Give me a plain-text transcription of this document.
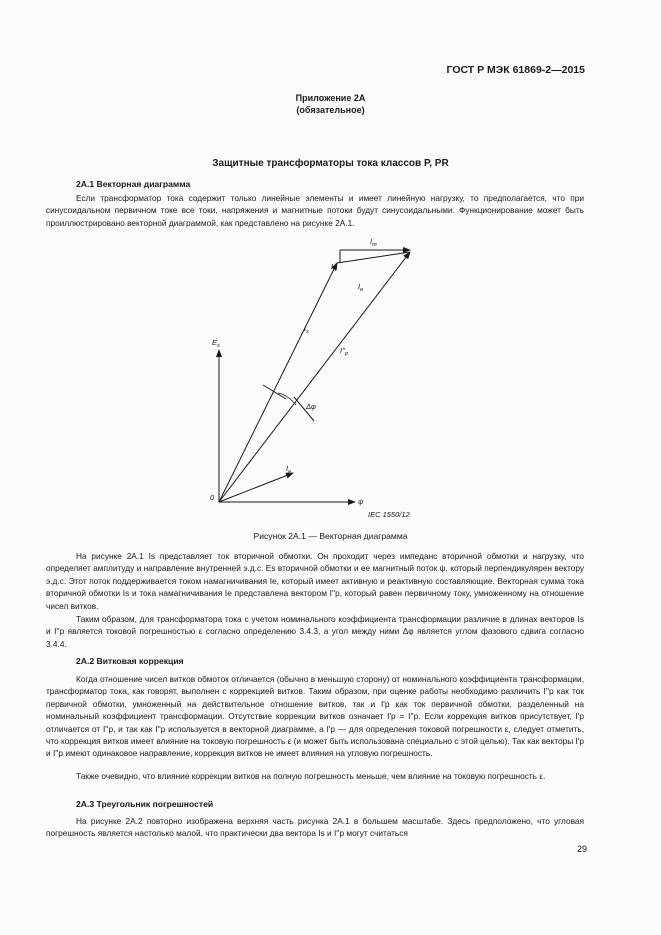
ГОСТ Р МЭК 61869-2—2015
Приложение 2А
(обязательное)
Защитные трансформаторы тока классов Р, PR
2А.1 Векторная диаграмма
Если трансформатор тока содержит только линейные элементы и имеет линейную нагрузку, то предполагается, что при синусоидальном первичном токе все токи, напряжения и магнитные потоки будут синусоидальными. Функционирование может быть проиллюстрировано векторной диаграммой, как представлено на рисунке 2А.1.
$E_s$
0	ψ
$I_e$
$I_s$
$I''_p$
$I_a$
$I_m$
$I_e$
Δφ
IEC 1550/12
Рисунок 2А.1 — Векторная диаграмма
На рисунке 2А.1 Is представляет ток вторичной обмотки. Он проходит через импеданс вторичной обмотки и нагрузку, что определяет амплитуду и направление внутренней э.д.с. Es вторичной обмотки и ее магнитный поток ψ, который перпендикулярен вектору э.д.с. Этот поток поддерживается током намагничивания Ie, который имеет активную и реактивную составляющие. Векторная сумма тока вторичной обмотки Is и тока намагничивания Ie представлена вектором I''p, который равен первичному току, умноженному на отношение чисел витков.
Таким образом, для трансформатора тока с учетом номинального коэффициента трансформации различие в длинах векторов Is и I''p является токовой погрешностью ε согласно определению 3.4.3, а угол между ними Δφ является углом фазового сдвига согласно 3.4.4.
2А.2 Витковая коррекция
Когда отношение чисел витков обмоток отличается (обычно в меньшую сторону) от номинального коэффициента трансформации, трансформатор тока, как говорят, выполнен с коррекцией витков. Таким образом, при оценке работы необходимо различить I''p как ток первичной обмотки, умноженный на действительное отношение витков, так и I'p как ток первичной обмотки, разделенный на номинальный коэффициент трансформации. Отсутствие коррекции витков означает I'p = I''p. Если коррекция витков присутствует, I'p отличается от I''p, и так как I''p используется в векторной диаграмме, а I'p — для определения токовой погрешности ε, следует отметить, что коррекция витков имеет влияние на токовую погрешность ε (и может быть использована специально с этой целью). Так как векторы I'p и I''p имеют одинаковое направление, коррекция витков не имеет влияния на угловую погрешность.
Также очевидно, что влияние коррекции витков на полную погрешность меньше, чем влияние на токовую погрешность ε.
2А.3 Треугольник погрешностей
На рисунке 2А.2 повторно изображена верхняя часть рисунка 2А.1 в большем масштабе. Здесь предположено, что угловая погрешность является настолько малой, что практически два вектора Is и I''p могут считаться
29
